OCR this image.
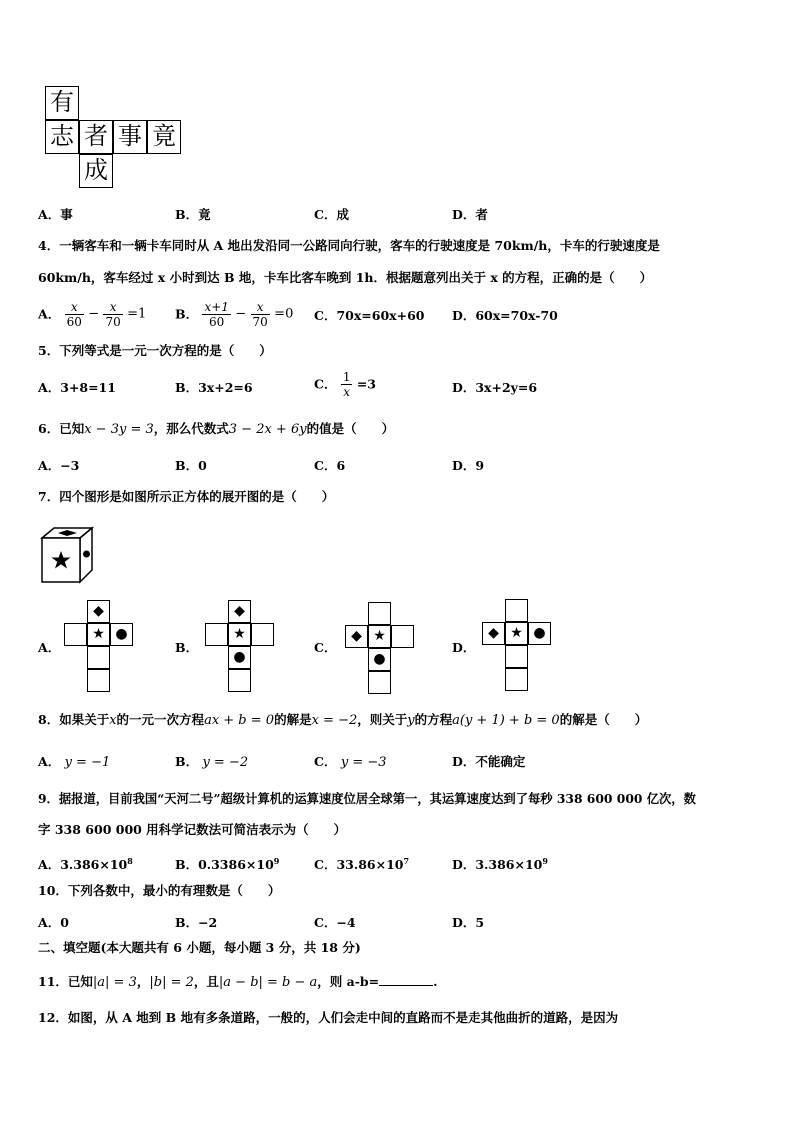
有
志 者 事 竟
成
A．事	B．竟	C．成	D．者
4．一辆客车和一辆卡车同时从 A 地出发沿同一公路同向行驶，客车的行驶速度是 70km/h，卡车的行驶速度是
60km/h，客车经过 x 小时到达 B 地，卡车比客车晚到 1h．根据题意列出关于 x 的方程，正确的是（　　）
A． $\frac{x}{60} - \frac{x}{70} =1$ B． $\frac{x+1}{60} - \frac{x}{70} =0$ C．70x=60x+60 D．60x=70x-70
5．下列等式是一元一次方程的是（　　）
A．3+8=11	B．3x+2=6	C． $\frac{1}{x} =3$	D．3x+2y=6
6．已知x − 3y = 3，那么代数式3 − 2x + 6y的值是（　　）
A．−3	B．0	C．6	D．9
7．四个图形是如图所示正方体的展开图的是（　　）
A．	B．	C．	D．
◆
★ ●
◆
★
●
◆ ★
●
◆ ★ ●
8．如果关于x的一元一次方程ax + b = 0的解是x = −2，则关于y的方程a(y + 1) + b = 0的解是（　　）
A． y = −1	B． y = −2	C． y = −3	D．不能确定
9．据报道，目前我国“天河二号”超级计算机的运算速度位居全球第一，其运算速度达到了每秒 338 600 000 亿次，数
字 338 600 000 用科学记数法可简洁表示为（　　）
A．$3.386\times 10^8$	B．$0.3386\times 10^9$	C．$33.86\times 10^7$	D．$3.386\times 10^9$
10．下列各数中，最小的有理数是（　　）
A．0	B．−2	C．−4	D．5
二、填空题(本大题共有 6 小题，每小题 3 分，共 18 分)
11．已知|a| = 3，|b| = 2，且|a − b| = b − a，则 a-b=	.
12．如图，从 A 地到 B 地有多条道路，一般的，人们会走中间的直路而不是走其他曲折的道路，是因为
